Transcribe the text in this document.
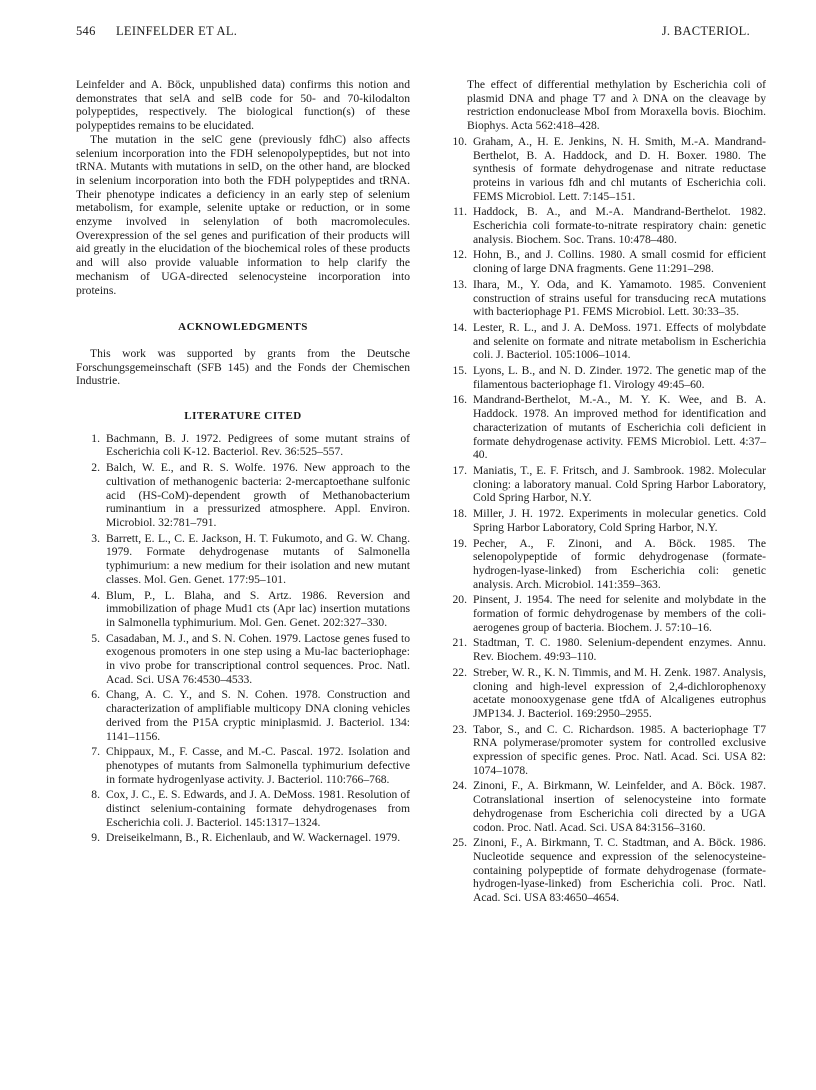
546 LEINFELDER ET AL.	J. BACTERIOL.

Leinfelder and A. Böck, unpublished data) confirms this notion and demonstrates that selA and selB code for 50- and 70-kilodalton polypeptides, respectively. The biological function(s) of these polypeptides remains to be elucidated.

The mutation in the selC gene (previously fdhC) also affects selenium incorporation into the FDH selenopolypeptides, but not into tRNA. Mutants with mutations in selD, on the other hand, are blocked in selenium incorporation into both the FDH polypeptides and tRNA. Their phenotype indicates a deficiency in an early step of selenium metabolism, for example, selenite uptake or reduction, or in some enzyme involved in selenylation of both macromolecules. Overexpression of the sel genes and purification of their products will aid greatly in the elucidation of the biochemical roles of these products and will also provide valuable information to help clarify the mechanism of UGA-directed selenocysteine incorporation into proteins.

ACKNOWLEDGMENTS

This work was supported by grants from the Deutsche Forschungsgemeinschaft (SFB 145) and the Fonds der Chemischen Industrie.

LITERATURE CITED

1. Bachmann, B. J. 1972. Pedigrees of some mutant strains of Escherichia coli K-12. Bacteriol. Rev. 36:525–557.
2. Balch, W. E., and R. S. Wolfe. 1976. New approach to the cultivation of methanogenic bacteria: 2-mercaptoethane sulfonic acid (HS-CoM)-dependent growth of Methanobacterium ruminantium in a pressurized atmosphere. Appl. Environ. Microbiol. 32:781–791.
3. Barrett, E. L., C. E. Jackson, H. T. Fukumoto, and G. W. Chang. 1979. Formate dehydrogenase mutants of Salmonella typhimurium: a new medium for their isolation and new mutant classes. Mol. Gen. Genet. 177:95–101.
4. Blum, P., L. Blaha, and S. Artz. 1986. Reversion and immobilization of phage Mud1 cts (Apr lac) insertion mutations in Salmonella typhimurium. Mol. Gen. Genet. 202:327–330.
5. Casadaban, M. J., and S. N. Cohen. 1979. Lactose genes fused to exogenous promoters in one step using a Mu-lac bacteriophage: in vivo probe for transcriptional control sequences. Proc. Natl. Acad. Sci. USA 76:4530–4533.
6. Chang, A. C. Y., and S. N. Cohen. 1978. Construction and characterization of amplifiable multicopy DNA cloning vehicles derived from the P15A cryptic miniplasmid. J. Bacteriol. 134: 1141–1156.
7. Chippaux, M., F. Casse, and M.-C. Pascal. 1972. Isolation and phenotypes of mutants from Salmonella typhimurium defective in formate hydrogenlyase activity. J. Bacteriol. 110:766–768.
8. Cox, J. C., E. S. Edwards, and J. A. DeMoss. 1981. Resolution of distinct selenium-containing formate dehydrogenases from Escherichia coli. J. Bacteriol. 145:1317–1324.
9. Dreiseikelmann, B., R. Eichenlaub, and W. Wackernagel. 1979.

The effect of differential methylation by Escherichia coli of plasmid DNA and phage T7 and λ DNA on the cleavage by restriction endonuclease MboI from Moraxella bovis. Biochim. Biophys. Acta 562:418–428.

10. Graham, A., H. E. Jenkins, N. H. Smith, M.-A. Mandrand-Berthelot, B. A. Haddock, and D. H. Boxer. 1980. The synthesis of formate dehydrogenase and nitrate reductase proteins in various fdh and chl mutants of Escherichia coli. FEMS Microbiol. Lett. 7:145–151.
11. Haddock, B. A., and M.-A. Mandrand-Berthelot. 1982. Escherichia coli formate-to-nitrate respiratory chain: genetic analysis. Biochem. Soc. Trans. 10:478–480.
12. Hohn, B., and J. Collins. 1980. A small cosmid for efficient cloning of large DNA fragments. Gene 11:291–298.
13. Ihara, M., Y. Oda, and K. Yamamoto. 1985. Convenient construction of strains useful for transducing recA mutations with bacteriophage P1. FEMS Microbiol. Lett. 30:33–35.
14. Lester, R. L., and J. A. DeMoss. 1971. Effects of molybdate and selenite on formate and nitrate metabolism in Escherichia coli. J. Bacteriol. 105:1006–1014.
15. Lyons, L. B., and N. D. Zinder. 1972. The genetic map of the filamentous bacteriophage f1. Virology 49:45–60.
16. Mandrand-Berthelot, M.-A., M. Y. K. Wee, and B. A. Haddock. 1978. An improved method for identification and characterization of mutants of Escherichia coli deficient in formate dehydrogenase activity. FEMS Microbiol. Lett. 4:37–40.
17. Maniatis, T., E. F. Fritsch, and J. Sambrook. 1982. Molecular cloning: a laboratory manual. Cold Spring Harbor Laboratory, Cold Spring Harbor, N.Y.
18. Miller, J. H. 1972. Experiments in molecular genetics. Cold Spring Harbor Laboratory, Cold Spring Harbor, N.Y.
19. Pecher, A., F. Zinoni, and A. Böck. 1985. The selenopolypeptide of formic dehydrogenase (formate-hydrogen-lyase-linked) from Escherichia coli: genetic analysis. Arch. Microbiol. 141:359–363.
20. Pinsent, J. 1954. The need for selenite and molybdate in the formation of formic dehydrogenase by members of the coli-aerogenes group of bacteria. Biochem. J. 57:10–16.
21. Stadtman, T. C. 1980. Selenium-dependent enzymes. Annu. Rev. Biochem. 49:93–110.
22. Streber, W. R., K. N. Timmis, and M. H. Zenk. 1987. Analysis, cloning and high-level expression of 2,4-dichlorophenoxy acetate monooxygenase gene tfdA of Alcaligenes eutrophus JMP134. J. Bacteriol. 169:2950–2955.
23. Tabor, S., and C. C. Richardson. 1985. A bacteriophage T7 RNA polymerase/promoter system for controlled exclusive expression of specific genes. Proc. Natl. Acad. Sci. USA 82: 1074–1078.
24. Zinoni, F., A. Birkmann, W. Leinfelder, and A. Böck. 1987. Cotranslational insertion of selenocysteine into formate dehydrogenase from Escherichia coli directed by a UGA codon. Proc. Natl. Acad. Sci. USA 84:3156–3160.
25. Zinoni, F., A. Birkmann, T. C. Stadtman, and A. Böck. 1986. Nucleotide sequence and expression of the selenocysteine-containing polypeptide of formate dehydrogenase (formate-hydrogen-lyase-linked) from Escherichia coli. Proc. Natl. Acad. Sci. USA 83:4650–4654.
